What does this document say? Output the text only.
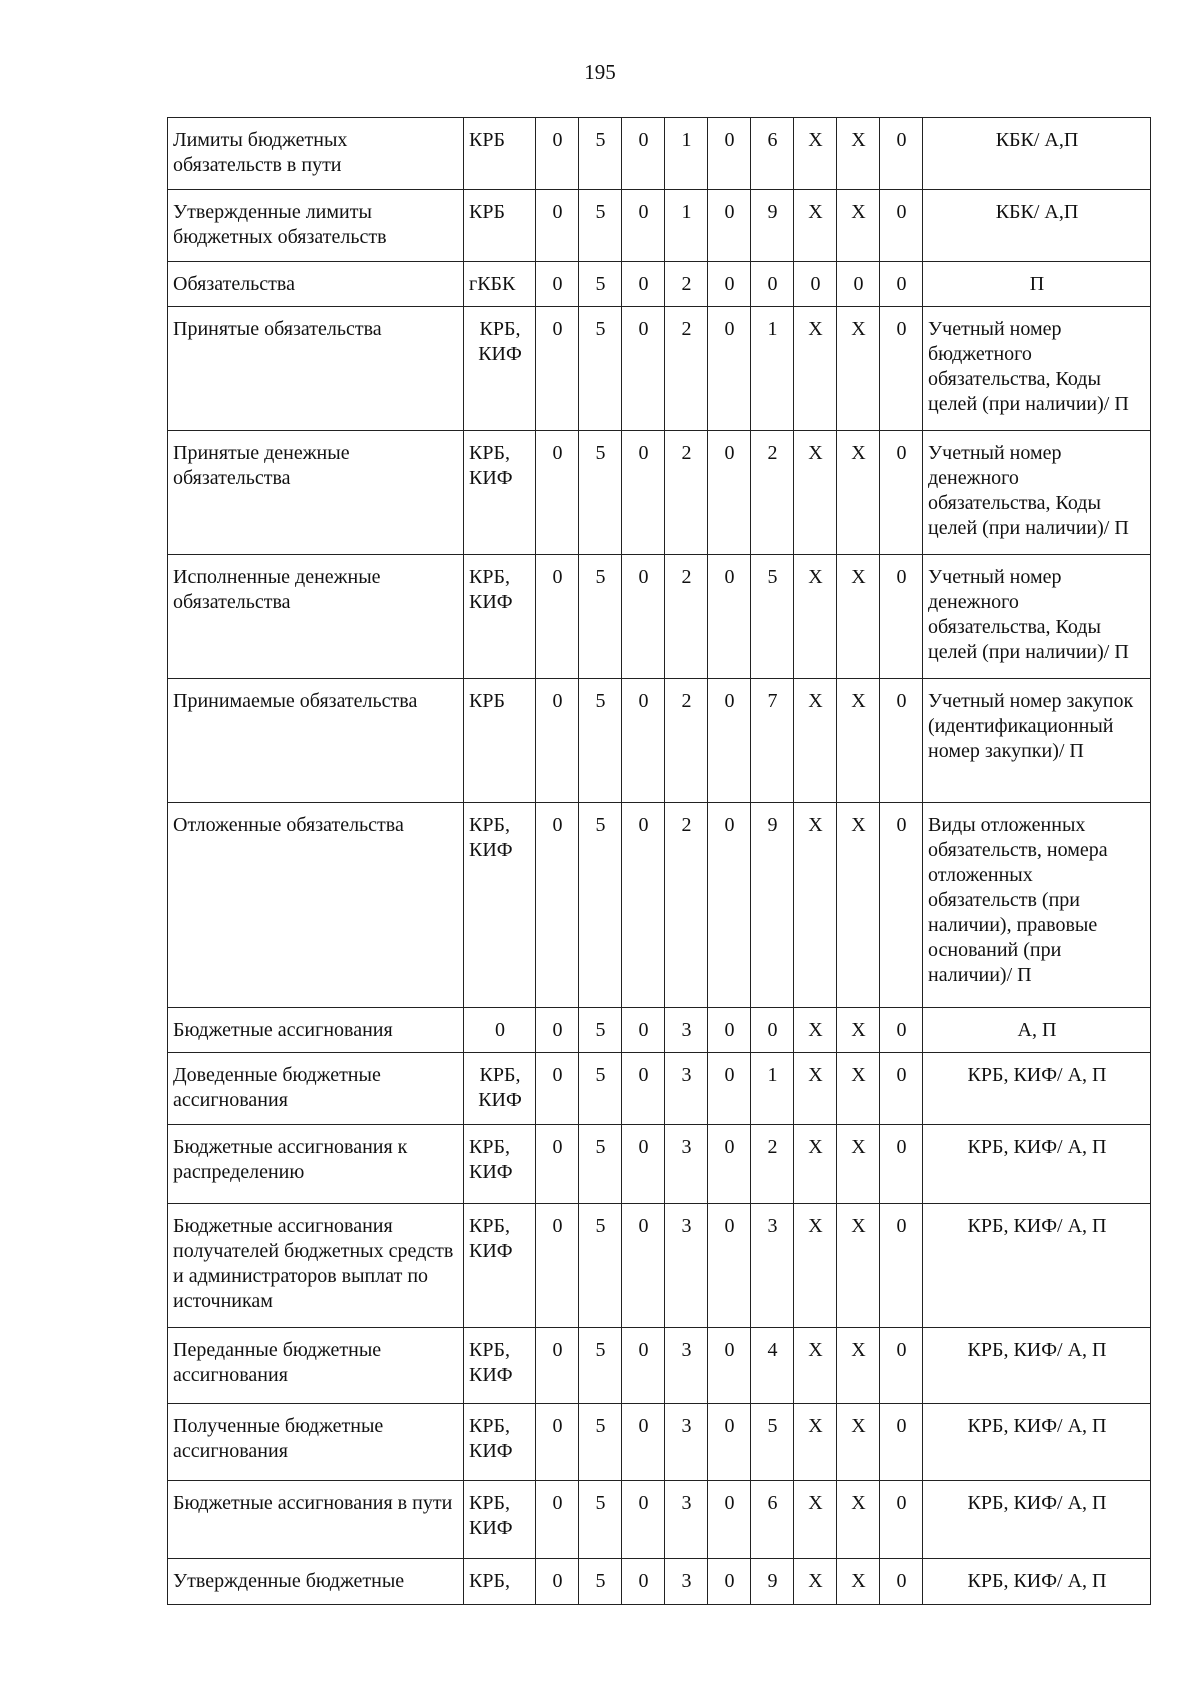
195
Лимиты бюджетных обязательств в пути	КРБ	0	5	0	1	0	6	X	X	0	КБК/ А,П
Утвержденные лимиты бюджетных обязательств	КРБ	0	5	0	1	0	9	X	X	0	КБК/ А,П
Обязательства	гКБК	0	5	0	2	0	0	0	0	0	П
Принятые обязательства	КРБ, КИФ	0	5	0	2	0	1	X	X	0	Учетный номер бюджетного обязательства, Коды целей (при наличии)/ П
Принятые денежные обязательства	КРБ, КИФ	0	5	0	2	0	2	X	X	0	Учетный номер денежного обязательства, Коды целей (при наличии)/ П
Исполненные денежные обязательства	КРБ, КИФ	0	5	0	2	0	5	X	X	0	Учетный номер денежного обязательства, Коды целей (при наличии)/ П
Принимаемые обязательства	КРБ	0	5	0	2	0	7	X	X	0	Учетный номер закупок (идентификационный номер закупки)/ П
Отложенные обязательства	КРБ, КИФ	0	5	0	2	0	9	X	X	0	Виды отложенных обязательств, номера отложенных обязательств (при наличии), правовые оснований (при наличии)/ П
Бюджетные ассигнования	0	0	5	0	3	0	0	X	X	0	А, П
Доведенные бюджетные ассигнования	КРБ, КИФ	0	5	0	3	0	1	X	X	0	КРБ, КИФ/ А, П
Бюджетные ассигнования к распределению	КРБ, КИФ	0	5	0	3	0	2	X	X	0	КРБ, КИФ/ А, П
Бюджетные ассигнования получателей бюджетных средств и администраторов выплат по источникам	КРБ, КИФ	0	5	0	3	0	3	X	X	0	КРБ, КИФ/ А, П
Переданные бюджетные ассигнования	КРБ, КИФ	0	5	0	3	0	4	X	X	0	КРБ, КИФ/ А, П
Полученные бюджетные ассигнования	КРБ, КИФ	0	5	0	3	0	5	X	X	0	КРБ, КИФ/ А, П
Бюджетные ассигнования в пути	КРБ, КИФ	0	5	0	3	0	6	X	X	0	КРБ, КИФ/ А, П
Утвержденные бюджетные	КРБ,	0	5	0	3	0	9	X	X	0	КРБ, КИФ/ А, П
